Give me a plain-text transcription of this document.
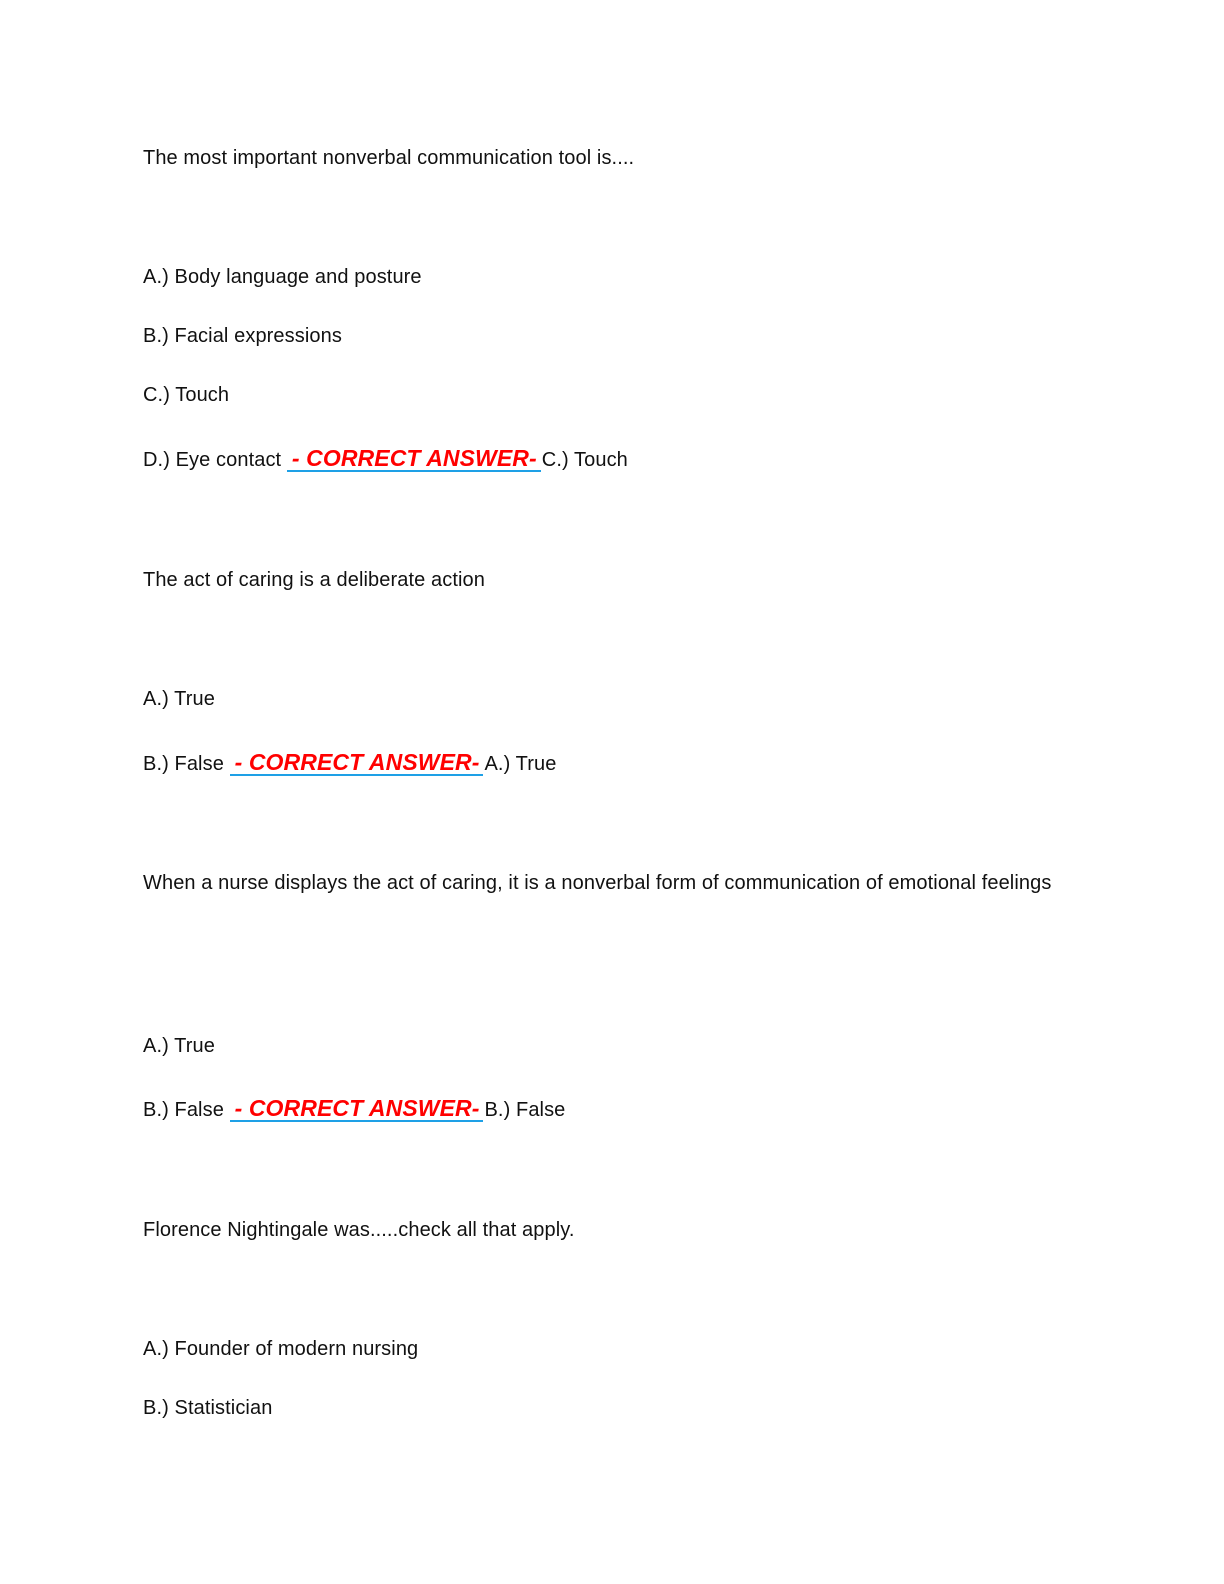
The most important nonverbal communication tool is....
A.) Body language and posture
B.) Facial expressions
C.) Touch
D.) Eye contact - CORRECT ANSWER- C.) Touch
The act of caring is a deliberate action
A.) True
B.) False - CORRECT ANSWER- A.) True
When a nurse displays the act of caring, it is a nonverbal form of communication of emotional feelings
A.) True
B.) False - CORRECT ANSWER- B.) False
Florence Nightingale was.....check all that apply.
A.) Founder of modern nursing
B.) Statistician
